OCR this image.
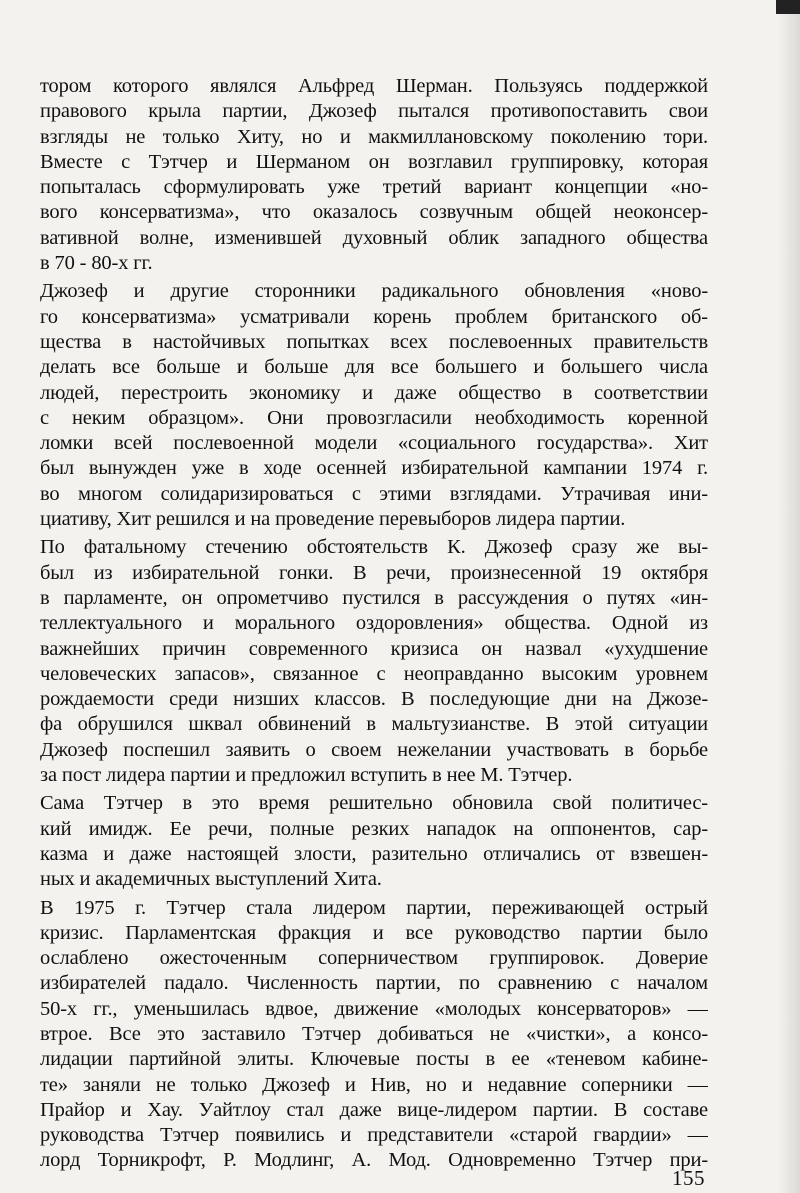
тором которого являлся Альфред Шерман. Пользуясь поддержкой
правового крыла партии, Джозеф пытался противопоставить свои
взгляды не только Хиту, но и макмиллановскому поколению тори.
Вместе с Тэтчер и Шерманом он возглавил группировку, которая
попыталась сформулировать уже третий вариант концепции «но-
вого консерватизма», что оказалось созвучным общей неоконсер-
вативной волне, изменившей духовный облик западного общества
в 70 - 80-х гг.
Джозеф и другие сторонники радикального обновления «ново-
го консерватизма» усматривали корень проблем британского об-
щества в настойчивых попытках всех послевоенных правительств
делать все больше и больше для все большего и большего числа
людей, перестроить экономику и даже общество в соответствии
с неким образцом». Они провозгласили необходимость коренной
ломки всей послевоенной модели «социального государства». Хит
был вынужден уже в ходе осенней избирательной кампании 1974 г.
во многом солидаризироваться с этими взглядами. Утрачивая ини-
циативу, Хит решился и на проведение перевыборов лидера партии.
По фатальному стечению обстоятельств К. Джозеф сразу же вы-
был из избирательной гонки. В речи, произнесенной 19 октября
в парламенте, он опрометчиво пустился в рассуждения о путях «ин-
теллектуального и морального оздоровления» общества. Одной из
важнейших причин современного кризиса он назвал «ухудшение
человеческих запасов», связанное с неоправданно высоким уровнем
рождаемости среди низших классов. В последующие дни на Джозе-
фа обрушился шквал обвинений в мальтузианстве. В этой ситуации
Джозеф поспешил заявить о своем нежелании участвовать в борьбе
за пост лидера партии и предложил вступить в нее М. Тэтчер.
Сама Тэтчер в это время решительно обновила свой политичес-
кий имидж. Ее речи, полные резких нападок на оппонентов, сар-
казма и даже настоящей злости, разительно отличались от взвешен-
ных и академичных выступлений Хита.
В 1975 г. Тэтчер стала лидером партии, переживающей острый
кризис. Парламентская фракция и все руководство партии было
ослаблено ожесточенным соперничеством группировок. Доверие
избирателей падало. Численность партии, по сравнению с началом
50-х гг., уменьшилась вдвое, движение «молодых консерваторов» —
втрое. Все это заставило Тэтчер добиваться не «чистки», а консо-
лидации партийной элиты. Ключевые посты в ее «теневом кабине-
те» заняли не только Джозеф и Нив, но и недавние соперники —
Прайор и Хау. Уайтлоу стал даже вице-лидером партии. В составе
руководства Тэтчер появились и представители «старой гвардии» —
лорд Торникрофт, Р. Модлинг, А. Мод. Одновременно Тэтчер при-
155
